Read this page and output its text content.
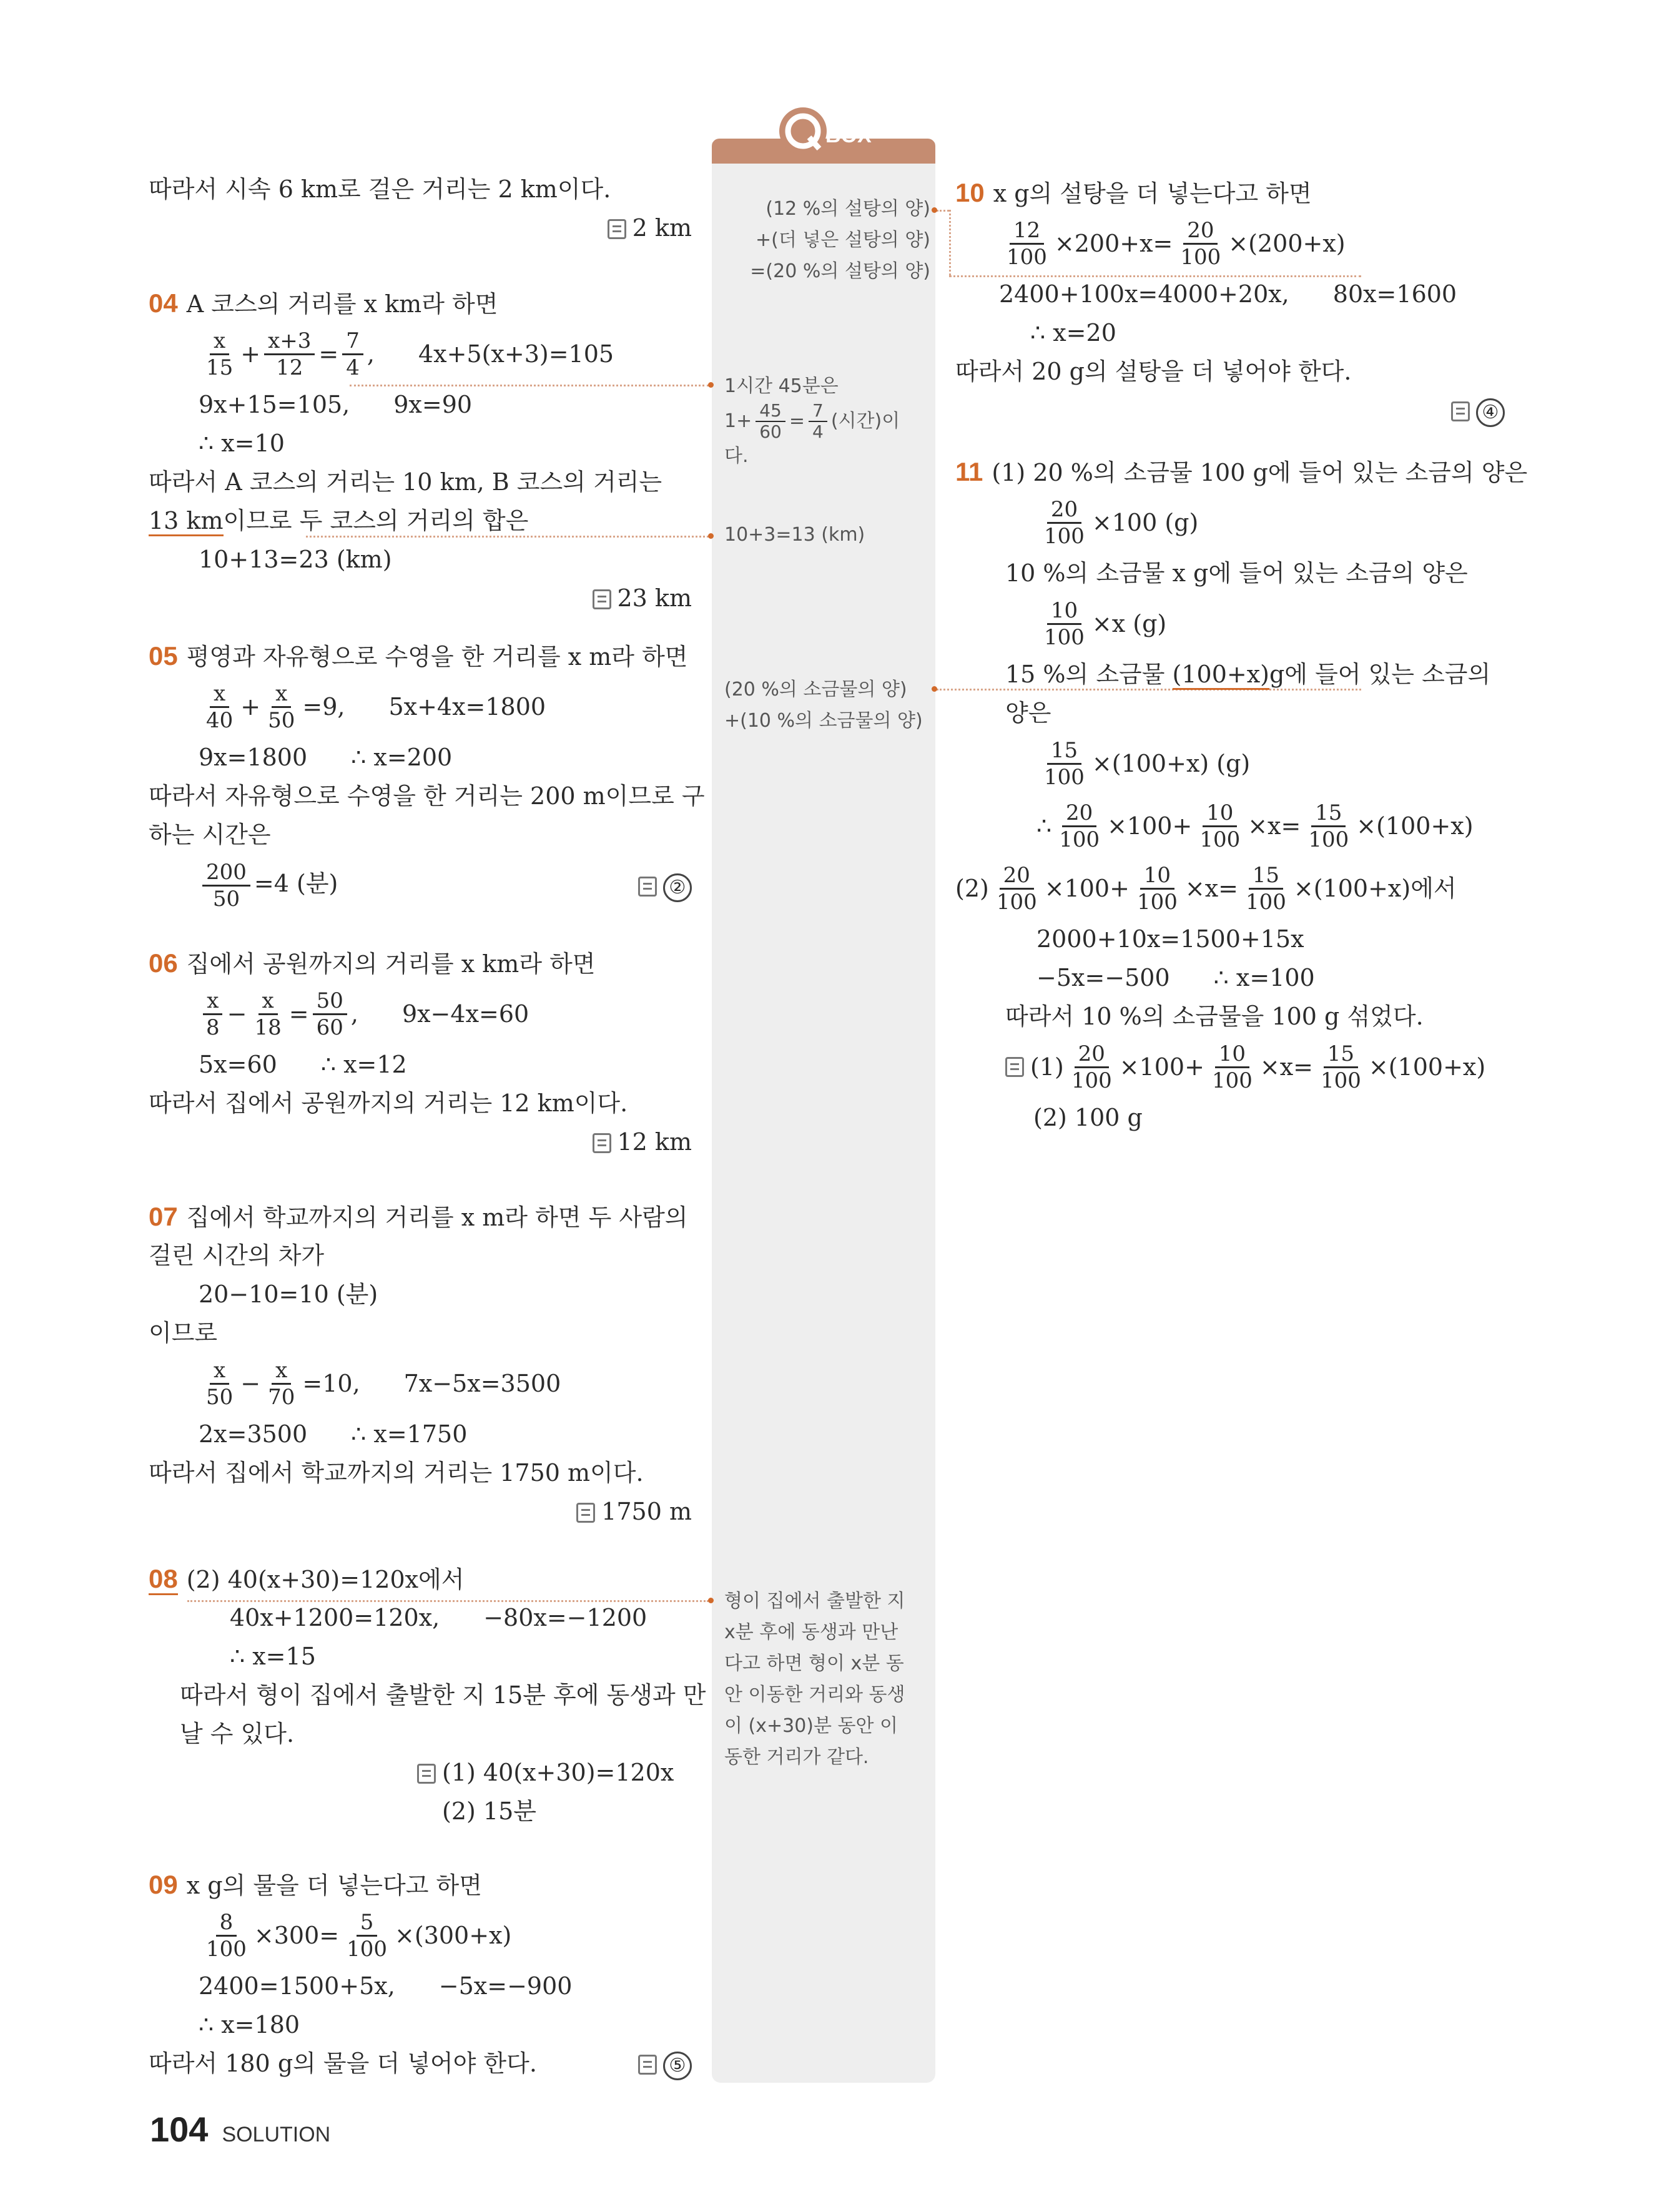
BOX
따라서 시속 6 km로 걸은 거리는 2 km이다.
2 km
04 A 코스의 거리를 x km라 하면
$\frac{x}{15} + \frac{x+3}{12} = \frac{7}{4}$ , 4x+5(x+3)=105
9x+15=105, 9x=90
∴ x=10
따라서 A 코스의 거리는 10 km, B 코스의 거리는
13 km이므로 두 코스의 거리의 합은
10+13=23 (km)
23 km
05 평영과 자유형으로 수영을 한 거리를 x m라 하면
$\frac{x}{40} + \frac{x}{50} =9$, 5x+4x=1800
9x=1800 ∴ x=200
따라서 자유형으로 수영을 한 거리는 200 m이므로 구
하는 시간은
$\frac{200}{50} =4$ (분)	②
06 집에서 공원까지의 거리를 x km라 하면
$\frac{x}{8} - \frac{x}{18} = \frac{50}{60}$ , 9x−4x=60
5x=60 ∴ x=12
따라서 집에서 공원까지의 거리는 12 km이다.
12 km
07 집에서 학교까지의 거리를 x m라 하면 두 사람의
걸린 시간의 차가
20−10=10 (분)
이므로
$\frac{x}{50} - \frac{x}{70} =10$, 7x−5x=3500
2x=3500 ∴ x=1750
따라서 집에서 학교까지의 거리는 1750 m이다.
1750 m
08 (2) 40(x+30)=120x에서
40x+1200=120x, −80x=−1200
∴ x=15
따라서 형이 집에서 출발한 지 15분 후에 동생과 만
날 수 있다.
(1) 40(x+30)=120x
(2) 15분
09 x g의 물을 더 넣는다고 하면
$\frac{8}{100} \times 300= \frac{5}{100} \times(300+x)$
2400=1500+5x, −5x=−900
∴ x=180
따라서 180 g의 물을 더 넣어야 한다.	⑤
(12 %의 설탕의 양)
+(더 넣은 설탕의 양)
=(20 %의 설탕의 양)
1시간 45분은
$1+ \frac{45}{60} = \frac{7}{4}$ (시간)이
다.
10+3=13 (km)
(20 %의 소금물의 양)
+(10 %의 소금물의 양)
형이 집에서 출발한 지
x분 후에 동생과 만난
다고 하면 형이 x분 동
안 이동한 거리와 동생
이 (x+30)분 동안 이
동한 거리가 같다.
10 x g의 설탕을 더 넣는다고 하면
$\frac{12}{100} \times 200+x= \frac{20}{100} \times(200+x)$
2400+100x=4000+20x, 80x=1600
∴ x=20
따라서 20 g의 설탕을 더 넣어야 한다.
④
11 (1) 20 %의 소금물 100 g에 들어 있는 소금의 양은
$\frac{20}{100} \times 100$ (g)
10 %의 소금물 x g에 들어 있는 소금의 양은
$\frac{10}{100} \times x$ (g)
15 %의 소금물 (100+x)g에 들어 있는 소금의
양은
$\frac{15}{100} \times(100+x)$ (g)
∴ $\frac{20}{100} \times 100+ \frac{10}{100} \times x= \frac{15}{100} \times(100+x)$
$(2) \frac{20}{100} \times 100+ \frac{10}{100} \times x= \frac{15}{100} \times(100+x)$ 에서
2000+10x=1500+15x
−5x=−500 ∴ x=100
따라서 10 %의 소금물을 100 g 섞었다.
$(1) \frac{20}{100} \times 100+ \frac{10}{100} \times x= \frac{15}{100} \times(100+x)$
(2) 100 g
104 SOLUTION
